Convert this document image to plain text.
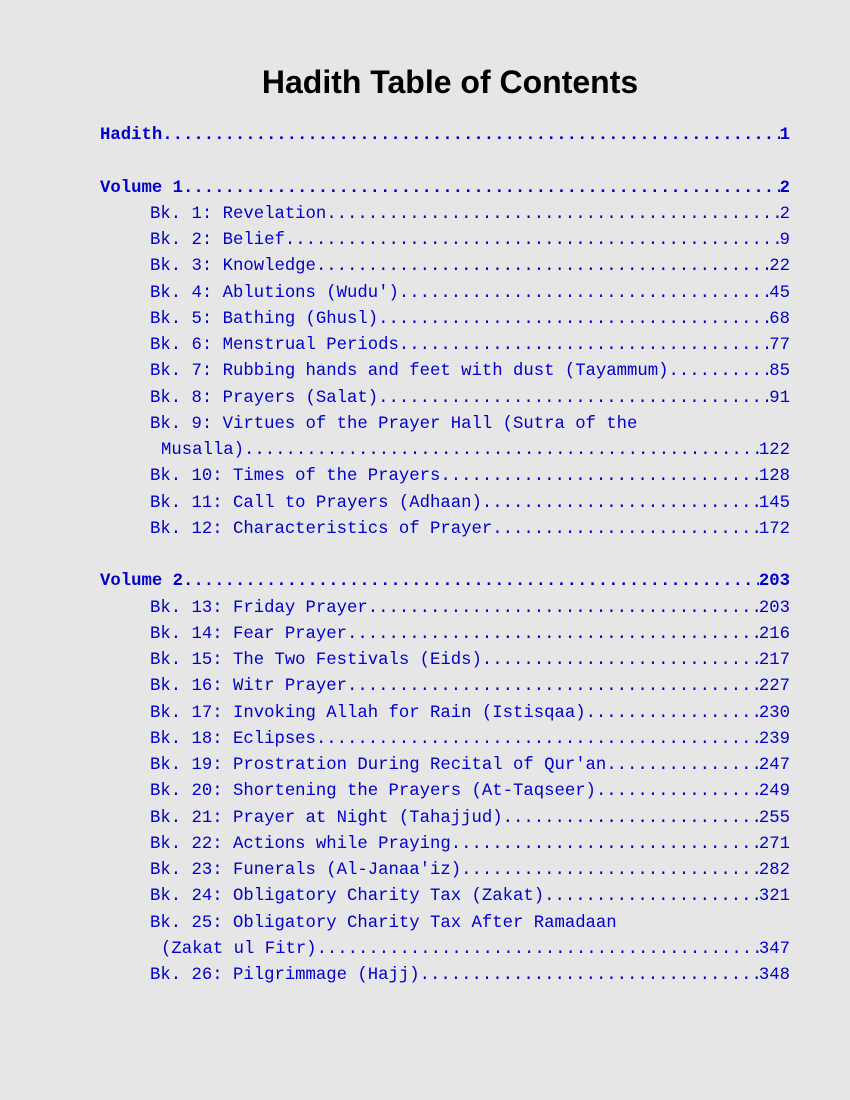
Hadith Table of Contents
Hadith .....	1
Volume 1 .....	2
Bk. 1: Revelation .....	2
Bk. 2: Belief .....	9
Bk. 3: Knowledge .....	22
Bk. 4: Ablutions (Wudu') .....	45
Bk. 5: Bathing (Ghusl) .....	68
Bk. 6: Menstrual Periods .....	77
Bk. 7: Rubbing hands and feet with dust (Tayammum) .....	85
Bk. 8: Prayers (Salat) .....	91
Bk. 9: Virtues of the Prayer Hall (Sutra of the
Musalla) .....	122
Bk. 10: Times of the Prayers .....	128
Bk. 11: Call to Prayers (Adhaan) .....	145
Bk. 12: Characteristics of Prayer .....	172
Volume 2 .....	203
Bk. 13: Friday Prayer .....	203
Bk. 14: Fear Prayer .....	216
Bk. 15: The Two Festivals (Eids) .....	217
Bk. 16: Witr Prayer .....	227
Bk. 17: Invoking Allah for Rain (Istisqaa) .....	230
Bk. 18: Eclipses .....	239
Bk. 19: Prostration During Recital of Qur'an .....	247
Bk. 20: Shortening the Prayers (At-Taqseer) .....	249
Bk. 21: Prayer at Night (Tahajjud) .....	255
Bk. 22: Actions while Praying .....	271
Bk. 23: Funerals (Al-Janaa'iz) .....	282
Bk. 24: Obligatory Charity Tax (Zakat) .....	321
Bk. 25: Obligatory Charity Tax After Ramadaan
(Zakat ul Fitr) .....	347
Bk. 26: Pilgrimmage (Hajj) .....	348
